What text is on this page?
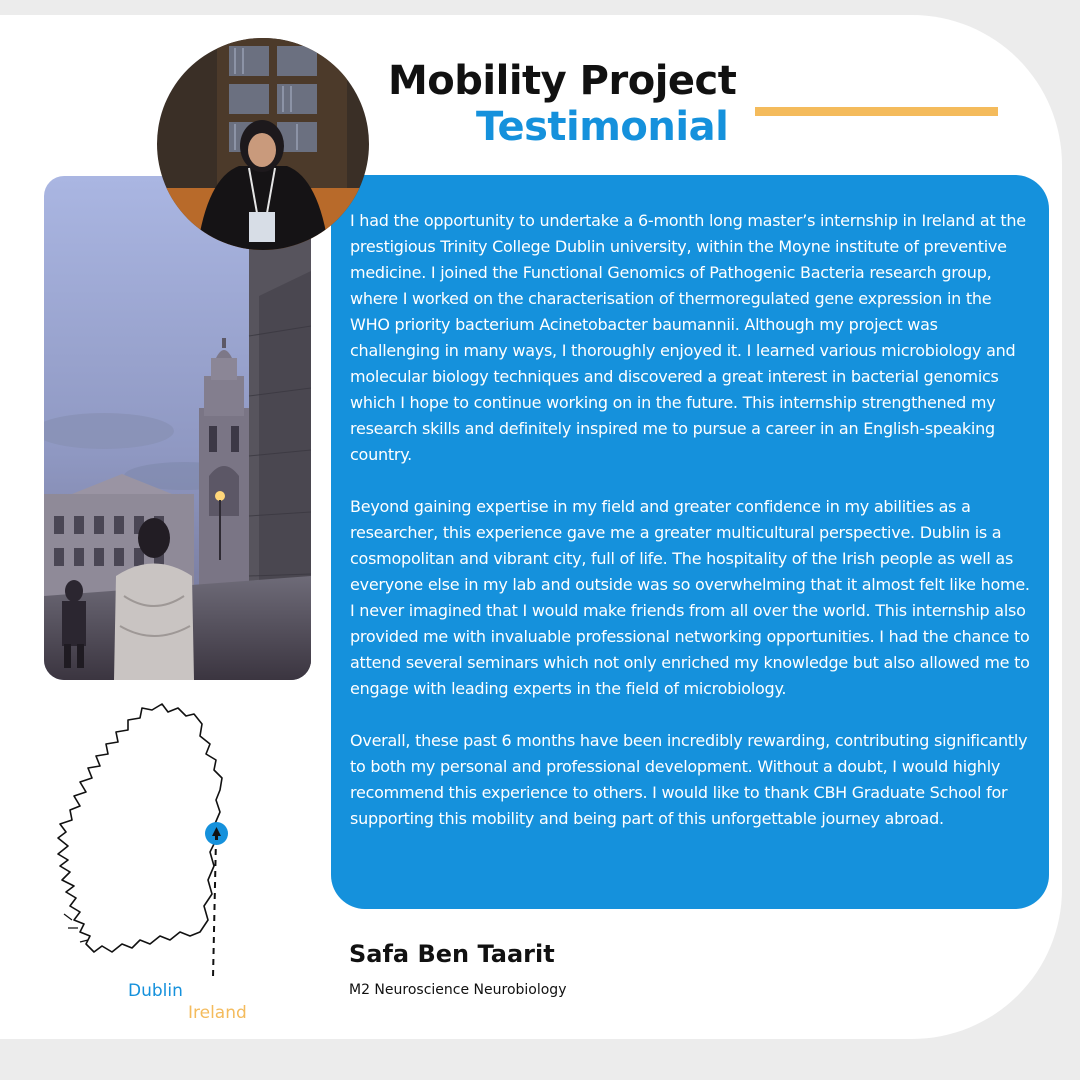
Mobility Project
Testimonial

I had the opportunity to undertake a 6-month long master’s internship in Ireland at the prestigious Trinity College Dublin university, within the Moyne institute of preventive medicine. I joined the Functional Genomics of Pathogenic Bacteria research group, where I worked on the characterisation of thermoregulated gene expression in the WHO priority bacterium Acinetobacter baumannii. Although my project was challenging in many ways, I thoroughly enjoyed it. I learned various microbiology and molecular biology techniques and discovered a great interest in bacterial genomics which I hope to continue working on in the future. This internship strengthened my research skills and definitely inspired me to pursue a career in an English-speaking country.

Beyond gaining expertise in my field and greater confidence in my abilities as a researcher, this experience gave me a greater multicultural perspective. Dublin is a cosmopolitan and vibrant city, full of life. The hospitality of the Irish people as well as everyone else in my lab and outside was so overwhelming that it almost felt like home. I never imagined that I would make friends from all over the world. This internship also provided me with invaluable professional networking opportunities. I had the chance to attend several seminars which not only enriched my knowledge but also allowed me to engage with leading experts in the field of microbiology.

Overall, these past 6 months have been incredibly rewarding, contributing significantly to both my personal and professional development. Without a doubt, I would highly recommend this experience to others. I would like to thank CBH Graduate School for supporting this mobility and being part of this unforgettable journey abroad.

Safa Ben Taarit
M2 Neuroscience Neurobiology
Dublin
Ireland
